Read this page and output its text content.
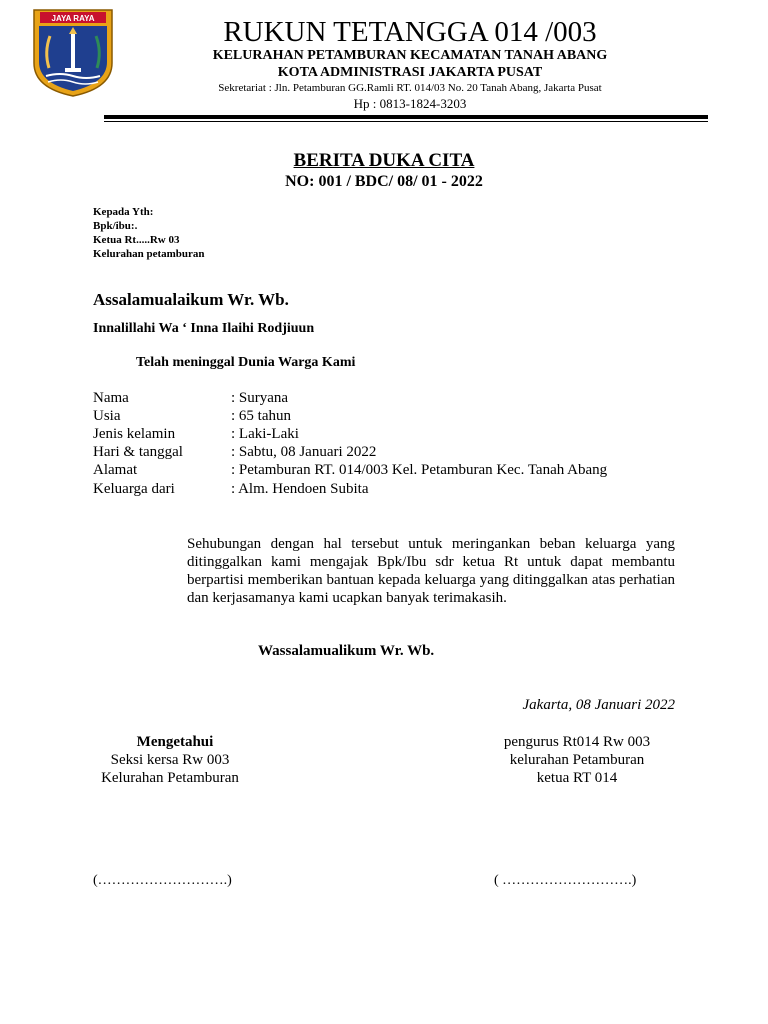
JAYA RAYA	RUKUN TETANGGA 014 /003
KELURAHAN PETAMBURAN KECAMATAN TANAH ABANG
KOTA ADMINISTRASI JAKARTA PUSAT
Sekretariat : Jln. Petamburan GG.Ramli RT. 014/03 No. 20 Tanah Abang, Jakarta Pusat
Hp : 0813-1824-3203
BERITA DUKA CITA
NO: 001 / BDC/ 08/ 01 - 2022
Kepada Yth:
Bpk/ibu:.
Ketua Rt.....Rw 03
Kelurahan petamburan
Assalamualaikum Wr. Wb.
Innalillahi Wa ‘ Inna Ilaihi Rodjiuun
Telah meninggal Dunia Warga Kami
Nama	: Suryana
Usia	: 65 tahun
Jenis kelamin	: Laki-Laki
Hari & tanggal	: Sabtu, 08 Januari 2022
Alamat	: Petamburan RT. 014/003 Kel. Petamburan Kec. Tanah Abang
Keluarga dari	: Alm. Hendoen Subita
Sehubungan dengan hal tersebut untuk meringankan beban keluarga yang ditinggalkan kami mengajak Bpk/Ibu sdr ketua Rt untuk dapat membantu berpartisi memberikan bantuan kepada keluarga yang ditinggalkan atas perhatian dan kerjasamanya kami ucapkan banyak terimakasih.
Wassalamualikum Wr. Wb.
Jakarta, 08 Januari 2022
Mengetahui
Seksi kersa Rw 003
Kelurahan Petamburan
(……………………….)
pengurus Rt014 Rw 003
kelurahan Petamburan
ketua RT 014
( ……………………….)
